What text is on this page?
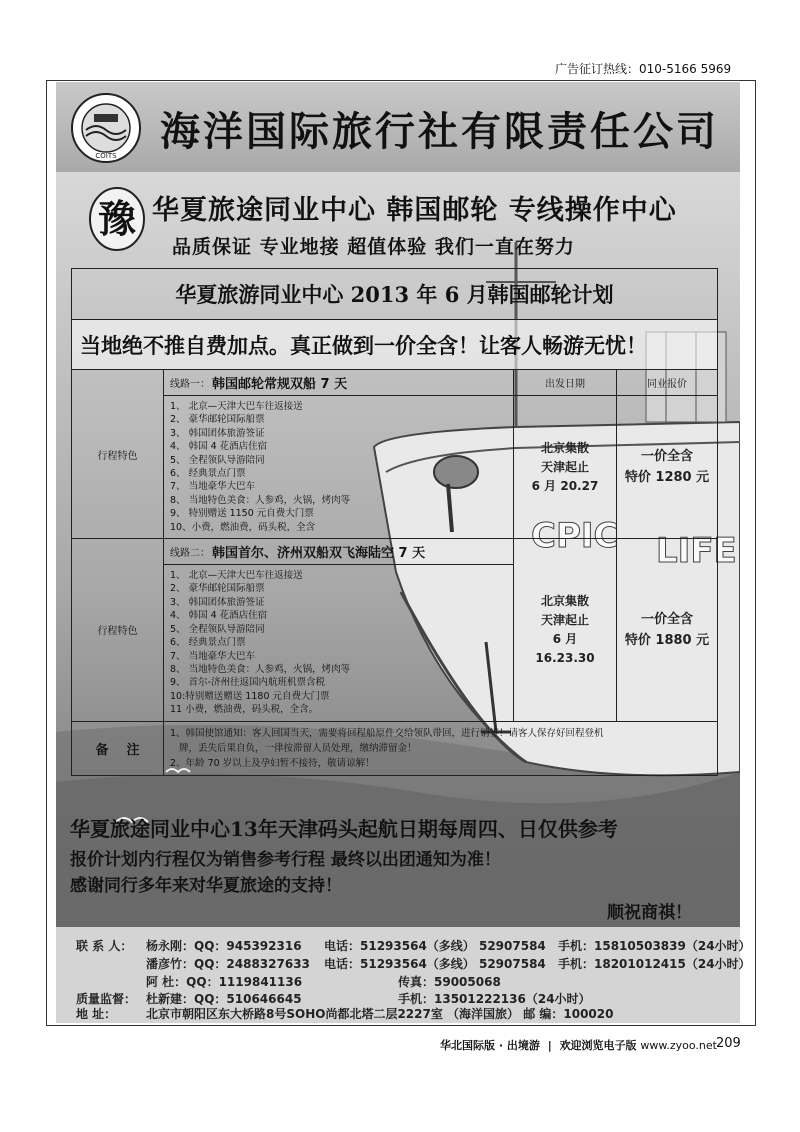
广告征订热线：010-5166 5969
COITS
海洋国际旅行社有限责任公司
CPIC LIFE
豫 华夏旅途同业中心 韩国邮轮 专线操作中心
品质保证 专业地接 超值体验 我们一直在努力
华夏旅游同业中心 2013 年 6 月韩国邮轮计划
当地绝不推自费加点。真正做到一价全含！让客人畅游无忧！
行程特色
线路一： 韩国邮轮常规双船 7 天
1、 北京—天津大巴车往返接送
2、 豪华邮轮国际船票
3、 韩国团体旅游签证
4、 韩国 4 花酒店住宿
5、 全程领队导游陪同
6、 经典景点门票
7、 当地豪华大巴车
8、 当地特色美食：人参鸡，火锅，烤肉等
9、 特别赠送 1150 元自费大门票
10、小费，燃油费，码头税，全含
出发日期
北京集散
天津起止
6 月 20.27
同业报价
一价全含
特价 1280 元
行程特色
线路二： 韩国首尔、济州双船双飞海陆空 7 天
1、 北京—天津大巴车往返接送
2、 豪华邮轮国际船票
3、 韩国团体旅游签证
4、 韩国 4 花酒店住宿
5、 全程领队导游陪同
6、 经典景点门票
7、 当地豪华大巴车
8、 当地特色美食：人参鸡，火锅，烤肉等
9、 首尔-济州往返国内航班机票含税
10:特别赠送赠送 1180 元自费大门票
11 小费，燃油费，码头税，全含。
北京集散
天津起止
6 月
16.23.30
一价全含
特价 1880 元
备注
1、韩国使馆通知：客人回国当天，需要将回程船原件交给领队带回，进行销签！请客人保存好回程登机
牌，丢失后果自负，一律按滞留人员处理，缴纳滞留金！
2、年龄 70 岁以上及孕妇暂不接待，敬请谅解！
华夏旅途同业中心13年天津码头起航日期每周四、日仅供参考
报价计划内行程仅为销售参考行程 最终以出团通知为准！
感谢同行多年来对华夏旅途的支持！
顺祝商祺！
联 系 人： 杨永刚：QQ：945392316 电话：51293564（多线） 52907584 手机：15810503839（24小时）
潘彦竹：QQ：2488327633 电话：51293564（多线） 52907584 手机：18201012415（24小时）
阿 杜：QQ：1119841136	传真：59005068
质量监督： 杜新建：QQ：510646645	手机：13501222136（24小时）
地 址： 北京市朝阳区东大桥路8号SOHO尚都北塔二层2227室 （海洋国旅） 邮 编：100020
华北国际版 · 出境游 | 欢迎浏览电子版 www.zyoo.net 209
